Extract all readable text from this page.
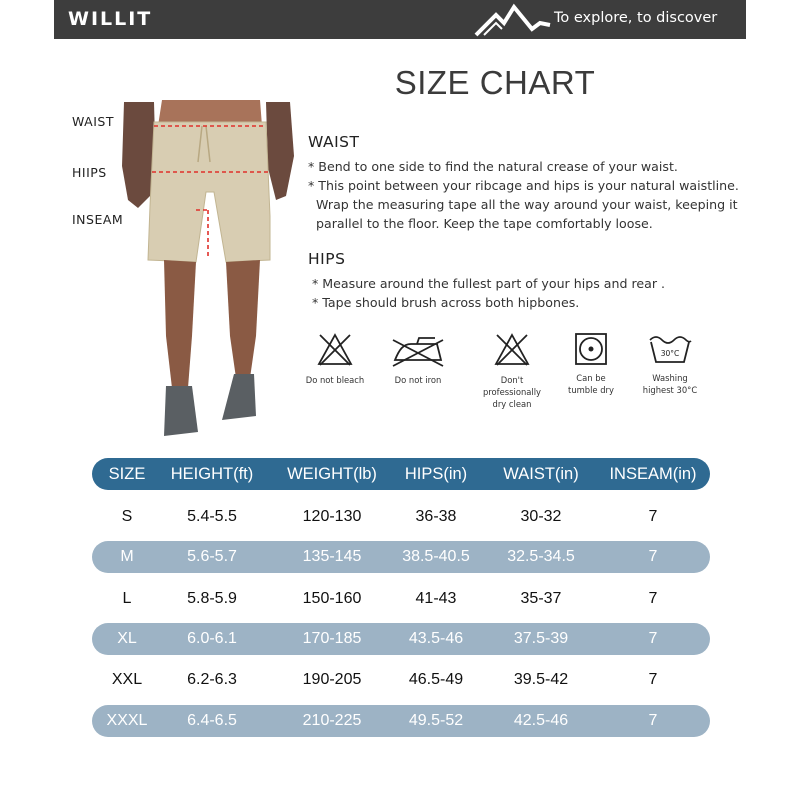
WILLIT	To explore, to discover
SIZE CHART
WAIST
HIIPS
INSEAM
WAIST
* Bend to one side to find the natural crease of your waist.
* This point between your ribcage and hips is your natural waistline.
Wrap the measuring tape all the way around your waist, keeping it
parallel to the floor. Keep the tape comfortably loose.
HIPS
* Measure around the fullest part of your hips and rear .
* Tape should brush across both hipbones.
Do not bleach	Do not iron	Don't professionally
dry clean
Can be
tumble dry
30°C
Washing
highest 30°C
SIZE	HEIGHT(ft)	WEIGHT(lb)	HIPS(in)	WAIST(in)	INSEAM(in)
S	5.4-5.5	120-130	36-38	30-32	7
M	5.6-5.7	135-145	38.5-40.5	32.5-34.5	7
L	5.8-5.9	150-160	41-43	35-37	7
XL	6.0-6.1	170-185	43.5-46	37.5-39	7
XXL	6.2-6.3	190-205	46.5-49	39.5-42	7
XXXL	6.4-6.5	210-225	49.5-52	42.5-46	7
